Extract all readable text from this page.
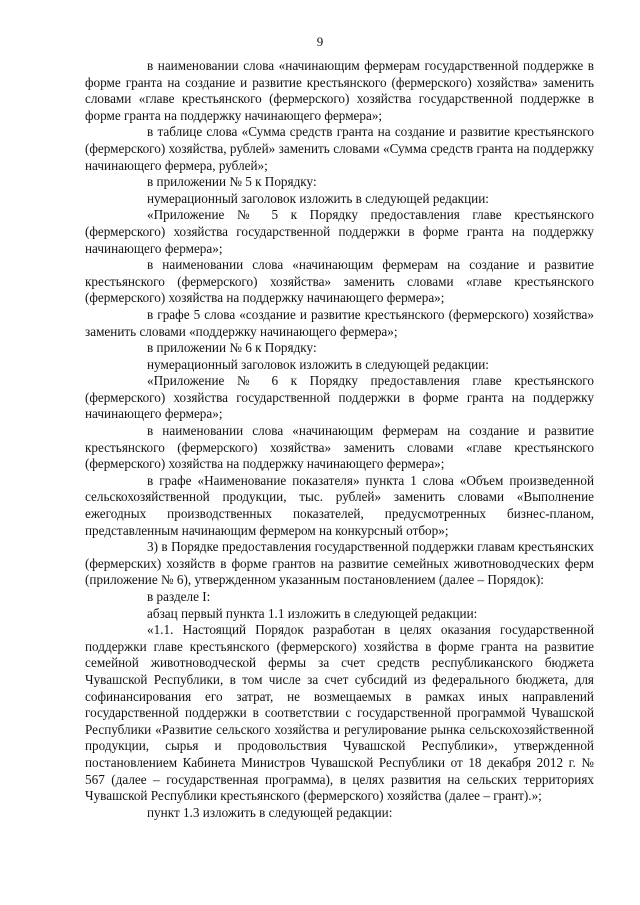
9

в наименовании слова «начинающим фермерам государственной поддержке в форме гранта на создание и развитие крестьянского (фермерского) хозяйства» заменить словами «главе крестьянского (фермерского) хозяйства государственной поддержке в форме гранта на поддержку начинающего фермера»;

в таблице слова «Сумма средств гранта на создание и развитие крестьянского (фермерского) хозяйства, рублей» заменить словами «Сумма средств гранта на поддержку начинающего фермера, рублей»;

в приложении № 5 к Порядку:

нумерационный заголовок изложить в следующей редакции:

«Приложение № 5 к Порядку предоставления главе крестьянского (фермерского) хозяйства государственной поддержки в форме гранта на поддержку начинающего фермера»;

в наименовании слова «начинающим фермерам на создание и развитие крестьянского (фермерского) хозяйства» заменить словами «главе крестьянского (фермерского) хозяйства на поддержку начинающего фермера»;

в графе 5 слова «создание и развитие крестьянского (фермерского) хозяйства» заменить словами «поддержку начинающего фермера»;

в приложении № 6 к Порядку:

нумерационный заголовок изложить в следующей редакции:

«Приложение № 6 к Порядку предоставления главе крестьянского (фермерского) хозяйства государственной поддержки в форме гранта на поддержку начинающего фермера»;

в наименовании слова «начинающим фермерам на создание и развитие крестьянского (фермерского) хозяйства» заменить словами «главе крестьянского (фермерского) хозяйства на поддержку начинающего фермера»;

в графе «Наименование показателя» пункта 1 слова «Объем произведенной сельскохозяйственной продукции, тыс. рублей» заменить словами «Выполнение ежегодных производственных показателей, предусмотренных бизнес-планом, представленным начинающим фермером на конкурсный отбор»;

3) в Порядке предоставления государственной поддержки главам крестьянских (фермерских) хозяйств в форме грантов на развитие семейных животноводческих ферм (приложение № 6), утвержденном указанным постановлением (далее – Порядок):

в разделе I:

абзац первый пункта 1.1 изложить в следующей редакции:

«1.1. Настоящий Порядок разработан в целях оказания государственной поддержки главе крестьянского (фермерского) хозяйства в форме гранта на развитие семейной животноводческой фермы за счет средств республиканского бюджета Чувашской Республики, в том числе за счет субсидий из федерального бюджета, для софинансирования его затрат, не возмещаемых в рамках иных направлений государственной поддержки в соответствии с государственной программой Чувашской Республики «Развитие сельского хозяйства и регулирование рынка сельскохозяйственной продукции, сырья и продовольствия Чувашской Республики», утвержденной постановлением Кабинета Министров Чувашской Республики от 18 декабря 2012 г. № 567 (далее – государственная программа), в целях развития на сельских территориях Чувашской Республики крестьянского (фермерского) хозяйства (далее – грант).»;

пункт 1.3 изложить в следующей редакции:
